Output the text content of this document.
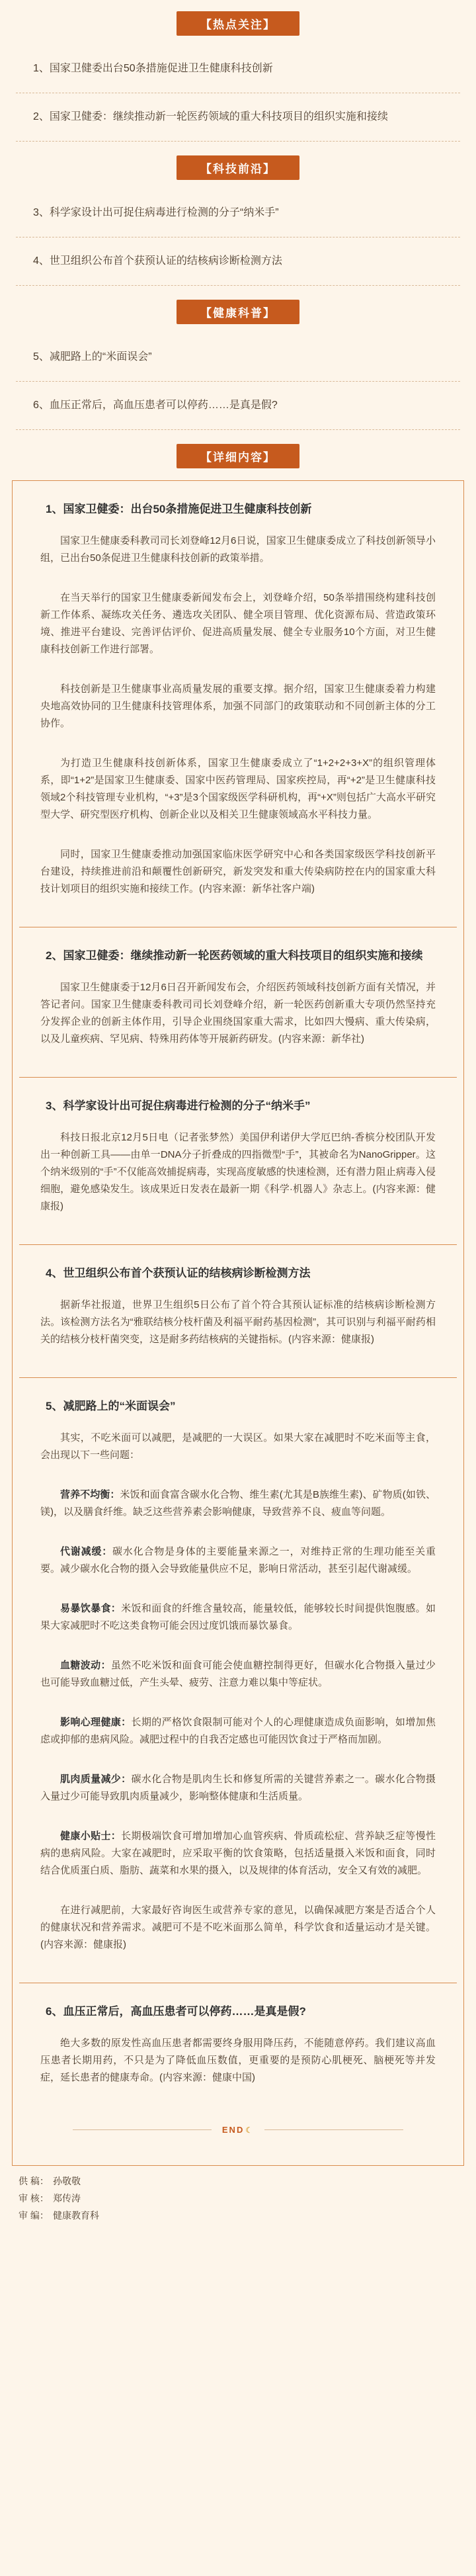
【 热点关注 】
1、国家卫健委出台50条措施促进卫生健康科技创新
2、国家卫健委：继续推动新一轮医药领域的重大科技项目的组织实施和接续
【 科技前沿 】
3、科学家设计出可捉住病毒进行检测的分子“纳米手”
4、世卫组织公布首个获预认证的结核病诊断检测方法
【 健康科普 】
5、减肥路上的“米面误会”
6、血压正常后，高血压患者可以停药……是真是假?
【 详细内容 】
1、国家卫健委：出台50条措施促进卫生健康科技创新

国家卫生健康委科教司司长刘登峰12月6日说，国家卫生健康委成立了科技创新领导小组，已出台50条促进卫生健康科技创新的政策举措。

在当天举行的国家卫生健康委新闻发布会上，刘登峰介绍，50条举措围绕构建科技创新工作体系、凝练攻关任务、遴选攻关团队、健全项目管理、优化资源布局、营造政策环境、推进平台建设、完善评估评价、促进高质量发展、健全专业服务10个方面，对卫生健康科技创新工作进行部署。

科技创新是卫生健康事业高质量发展的重要支撑。据介绍，国家卫生健康委着力构建央地高效协同的卫生健康科技管理体系，加强不同部门的政策联动和不同创新主体的分工协作。

为打造卫生健康科技创新体系，国家卫生健康委成立了“1+2+2+3+X”的组织管理体系，即“1+2”是国家卫生健康委、国家中医药管理局、国家疾控局，再“+2”是卫生健康科技领域2个科技管理专业机构，“+3”是3个国家级医学科研机构，再“+X”则包括广大高水平研究型大学、研究型医疗机构、创新企业以及相关卫生健康领域高水平科技力量。

同时，国家卫生健康委推动加强国家临床医学研究中心和各类国家级医学科技创新平台建设，持续推进前沿和颠覆性创新研究，新发突发和重大传染病防控在内的国家重大科技计划项目的组织实施和接续工作。(内容来源：新华社客户端)

2、国家卫健委：继续推动新一轮医药领域的重大科技项目的组织实施和接续

国家卫生健康委于12月6日召开新闻发布会，介绍医药领域科技创新方面有关情况，并答记者问。国家卫生健康委科教司司长刘登峰介绍，新一轮医药创新重大专项仍然坚持充分发挥企业的创新主体作用，引导企业围绕国家重大需求，比如四大慢病、重大传染病，以及儿童疾病、罕见病、特殊用药体等开展新药研发。(内容来源：新华社)

3、科学家设计出可捉住病毒进行检测的分子“纳米手”

科技日报北京12月5日电（记者张梦然）美国伊利诺伊大学厄巴纳-香槟分校团队开发出一种创新工具——由单一DNA分子折叠成的四指微型“手”，其被命名为NanoGripper。这个纳米级别的“手”不仅能高效捕捉病毒，实现高度敏感的快速检测，还有潜力阻止病毒入侵细胞，避免感染发生。该成果近日发表在最新一期《科学·机器人》杂志上。(内容来源：健康报)

4、世卫组织公布首个获预认证的结核病诊断检测方法

据新华社报道，世界卫生组织5日公布了首个符合其预认证标准的结核病诊断检测方法。该检测方法名为“雅联结核分枝杆菌及利福平耐药基因检测”，其可识别与利福平耐药相关的结核分枝杆菌突变，这是耐多药结核病的关键指标。(内容来源：健康报)

5、减肥路上的“米面误会”

其实，不吃米面可以减肥，是减肥的一大误区。如果大家在减肥时不吃米面等主食，会出现以下一些问题：

营养不均衡：米饭和面食富含碳水化合物、维生素(尤其是B族维生素)、矿物质(如铁、镁)，以及膳食纤维。缺乏这些营养素会影响健康，导致营养不良、疲血等问题。

代谢减缓：碳水化合物是身体的主要能量来源之一，对维持正常的生理功能至关重要。减少碳水化合物的摄入会导致能量供应不足，影响日常活动，甚至引起代谢减缓。

易暴饮暴食：米饭和面食的纤维含量较高，能量较低，能够较长时间提供饱腹感。如果大家减肥时不吃这类食物可能会因过度饥饿而暴饮暴食。

血糖波动：虽然不吃米饭和面食可能会使血糖控制得更好，但碳水化合物摄入量过少也可能导致血糖过低，产生头晕、疲劳、注意力难以集中等症状。

影响心理健康：长期的严格饮食限制可能对个人的心理健康造成负面影响，如增加焦虑或抑郁的患病风险。减肥过程中的自我否定感也可能因饮食过于严格而加剧。

肌肉质量减少：碳水化合物是肌肉生长和修复所需的关键营养素之一。碳水化合物摄入量过少可能导致肌肉质量减少，影响整体健康和生活质量。

健康小贴士：长期极端饮食可增加增加心血管疾病、骨质疏松症、营养缺乏症等慢性病的患病风险。大家在减肥时，应采取平衡的饮食策略，包括适量摄入米饭和面食，同时结合优质蛋白质、脂肪、蔬菜和水果的摄入，以及规律的体育活动，安全又有效的减肥。

在进行减肥前，大家最好咨询医生或营养专家的意见，以确保减肥方案是否适合个人的健康状况和营养需求。减肥可不是不吃米面那么简单，科学饮食和适量运动才是关键。(内容来源：健康报)

6、血压正常后，高血压患者可以停药……是真是假?

绝大多数的原发性高血压患者都需要终身服用降压药，不能随意停药。我们建议高血压患者长期用药，不只是为了降低血压数值，更重要的是预防心肌梗死、脑梗死等并发症，延长患者的健康寿命。(内容来源：健康中国)

END ☾
供 稿： 孙敬敬
审 核： 郑传涛
审 编： 健康教育科
